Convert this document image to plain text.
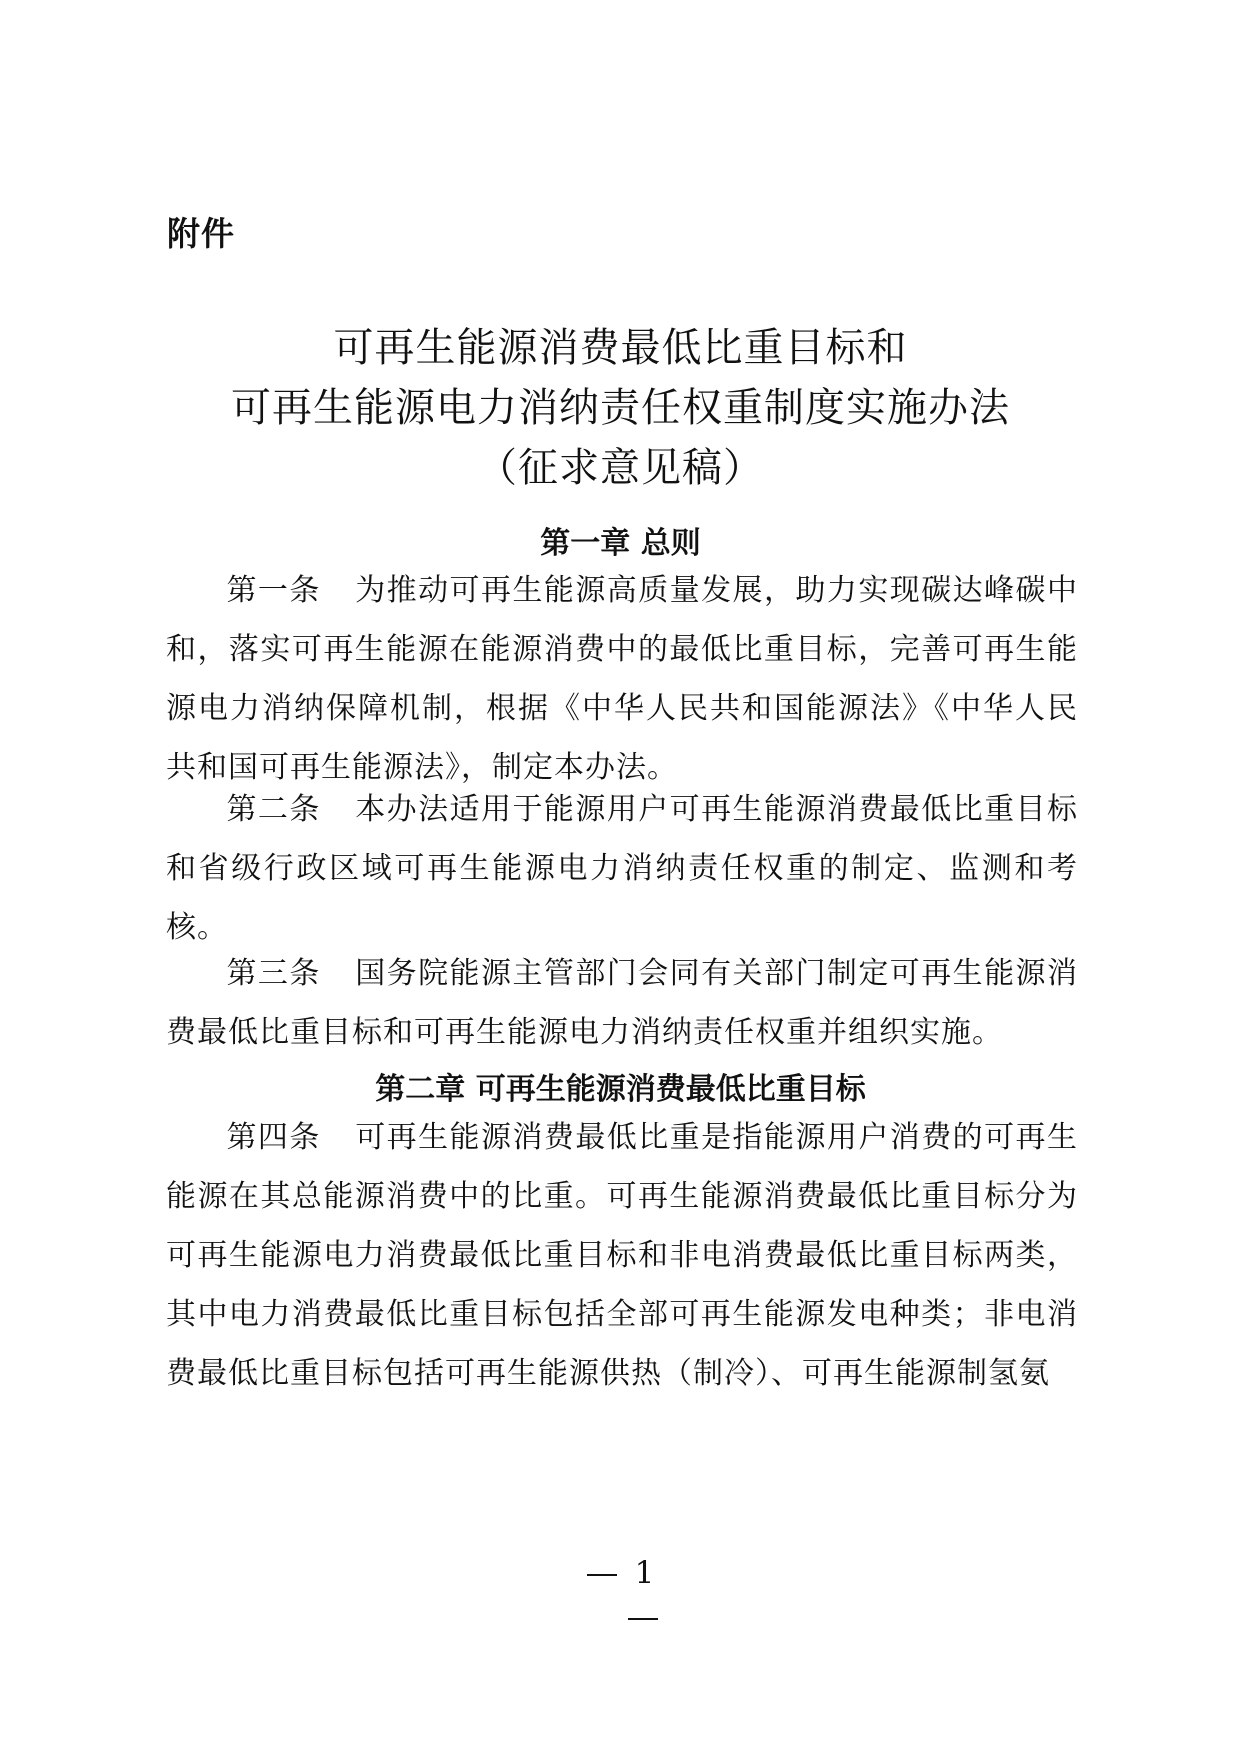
附件
可再生能源消费最低比重目标和
可再生能源电力消纳责任权重制度实施办法
（征求意见稿）
第一章 总则
第一条 为推动可再生能源高质量发展，助力实现碳达峰碳中和，落实可再生能源在能源消费中的最低比重目标，完善可再生能源电力消纳保障机制，根据《中华人民共和国能源法》《中华人民共和国可再生能源法》，制定本办法。
第二条 本办法适用于能源用户可再生能源消费最低比重目标和省级行政区域可再生能源电力消纳责任权重的制定、监测和考核。
第三条 国务院能源主管部门会同有关部门制定可再生能源消费最低比重目标和可再生能源电力消纳责任权重并组织实施。
第二章 可再生能源消费最低比重目标
第四条 可再生能源消费最低比重是指能源用户消费的可再生能源在其总能源消费中的比重。可再生能源消费最低比重目标分为可再生能源电力消费最低比重目标和非电消费最低比重目标两类，其中电力消费最低比重目标包括全部可再生能源发电种类；非电消费最低比重目标包括可再生能源供热（制冷）、可再生能源制氢氨
1
